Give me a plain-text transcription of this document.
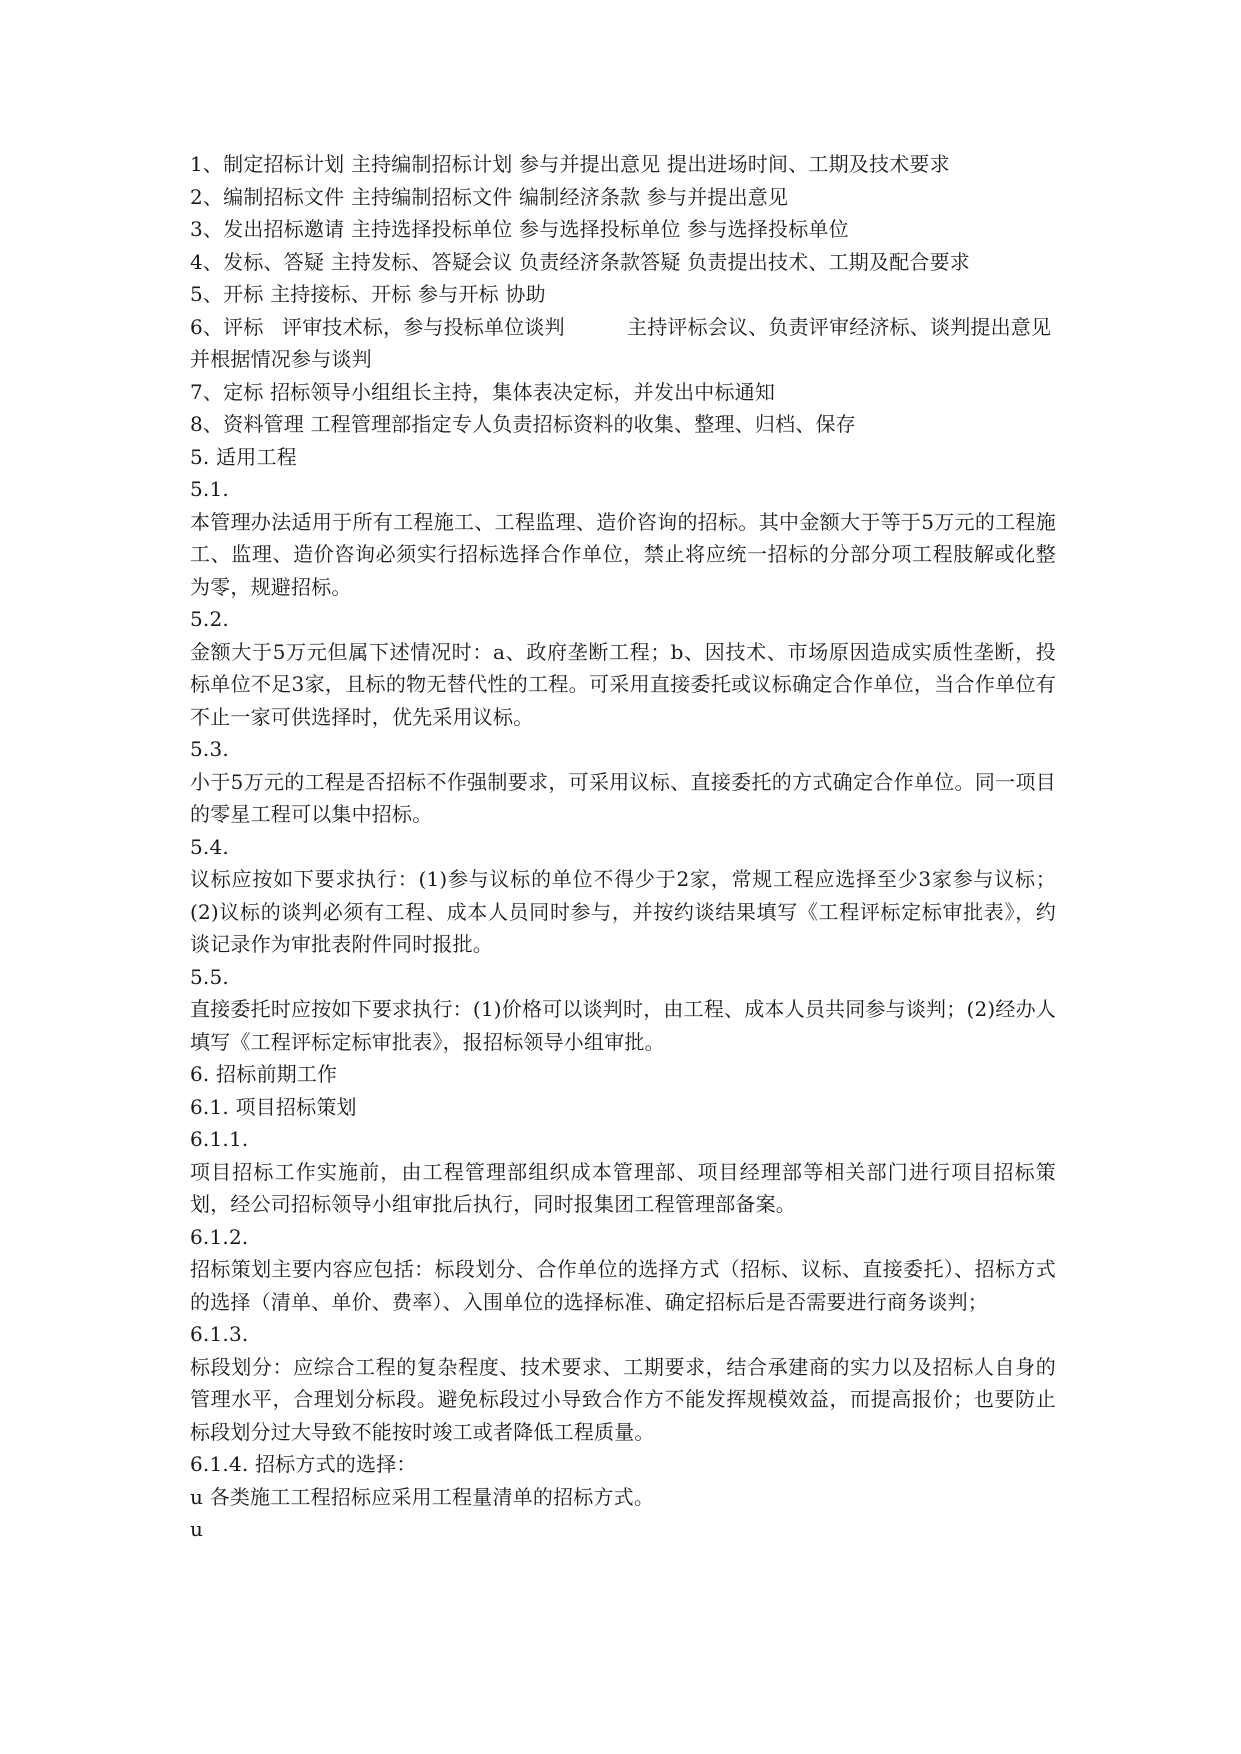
1、制定招标计划 主持编制招标计划 参与并提出意见 提出进场时间、工期及技术要求
2、编制招标文件 主持编制招标文件 编制经济条款 参与并提出意见
3、发出招标邀请 主持选择投标单位 参与选择投标单位 参与选择投标单位
4、发标、答疑 主持发标、答疑会议 负责经济条款答疑 负责提出技术、工期及配合要求
5、开标 主持接标、开标 参与开标 协助
6、评标 评审技术标，参与投标单位谈判	主持评标会议、负责评审经济标、谈判提出意见并根据情况参与谈判
7、定标 招标领导小组组长主持，集体表决定标，并发出中标通知
8、资料管理 工程管理部指定专人负责招标资料的收集、整理、归档、保存
5. 适用工程
5.1.
本管理办法适用于所有工程施工、工程监理、造价咨询的招标。其中金额大于等于5万元的工程施工、监理、造价咨询必须实行招标选择合作单位，禁止将应统一招标的分部分项工程肢解或化整为零，规避招标。
5.2.
金额大于5万元但属下述情况时：a、政府垄断工程；b、因技术、市场原因造成实质性垄断，投标单位不足3家，且标的物无替代性的工程。可采用直接委托或议标确定合作单位，当合作单位有不止一家可供选择时，优先采用议标。
5.3.
小于5万元的工程是否招标不作强制要求，可采用议标、直接委托的方式确定合作单位。同一项目的零星工程可以集中招标。
5.4.
议标应按如下要求执行：(1)参与议标的单位不得少于2家，常规工程应选择至少3家参与议标；(2)议标的谈判必须有工程、成本人员同时参与，并按约谈结果填写《工程评标定标审批表》，约谈记录作为审批表附件同时报批。
5.5.
直接委托时应按如下要求执行：(1)价格可以谈判时，由工程、成本人员共同参与谈判；(2)经办人填写《工程评标定标审批表》，报招标领导小组审批。
6. 招标前期工作
6.1. 项目招标策划
6.1.1.
项目招标工作实施前，由工程管理部组织成本管理部、项目经理部等相关部门进行项目招标策划，经公司招标领导小组审批后执行，同时报集团工程管理部备案。
6.1.2.
招标策划主要内容应包括：标段划分、合作单位的选择方式（招标、议标、直接委托）、招标方式的选择（清单、单价、费率）、入围单位的选择标准、确定招标后是否需要进行商务谈判；
6.1.3.
标段划分：应综合工程的复杂程度、技术要求、工期要求，结合承建商的实力以及招标人自身的管理水平，合理划分标段。避免标段过小导致合作方不能发挥规模效益，而提高报价；也要防止标段划分过大导致不能按时竣工或者降低工程质量。
6.1.4. 招标方式的选择：
u 各类施工工程招标应采用工程量清单的招标方式。
u
